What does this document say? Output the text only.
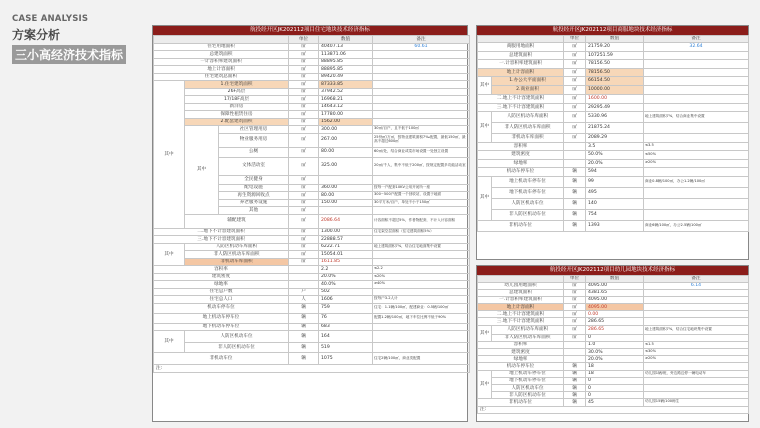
CASE ANALYSIS
方案分析
三小高经济技术指标
航投经开区JK202112项目住宅地块技术经济指标
			单位	数值	备注
住宅用地面积			㎡	40407.13	60.61
总建筑面积			㎡	113871.06	
一计容积率建筑面积			㎡	88895.85	
地上计容面积			㎡	88895.85	
住宅建筑总面积			㎡	89420.49	
其中	1.住宅建筑面积		㎡	87333.85	
	26F高层		㎡	37942.52	
	17/18F高层		㎡	16968.21	
	新洋房		㎡	14643.12	
	保障性租赁住房		㎡	17780.00	
	2.配套建筑面积		㎡	1562.00	
	其中	社区管理用房	㎡	300.00	30㎡/百户，且不低于100㎡
		物业服务用房	㎡	267.00	25份㎡/万㎡，按物业建筑面积7‰配置，最低150㎡，最高不超过600㎡
		公厕	㎡	80.00	60㎡/处，结合商业或菜市场设置一处独立设置
		文体活动室	㎡	325.00	20㎡/千人，集中不低于200㎡，按规定配置多功能活动室
		全民健身	㎡		
		配电设施	㎡	360.00	按每一户配套10KV公用开闭所一座
		再生资源回收点	㎡	80.00	300~500户配置一个回收站，设置于地面
		养老服务设施	㎡	150.00	30平方米/百户，单处不小于150㎡
		其他	㎡		
	辅配建筑		㎡	2086.64	计容面积不超过5%，作者物配套，不计入计容面积
二.地下不计容建筑面积			㎡	1300.00	住宅架空层面积（住宅建筑面积5%）
三.地下不计容建筑面积			㎡	22888.57	
其中	人防区机动车库面积		㎡	6222.71	地上建筑面积7%，结合住宅地面集中设置
	非人防区机动车库面积		㎡	15054.01	
	非机动车库面积		㎡	1611.85	
容积率				2.2	≤2.2
建筑密度				20.0%	≤20%
绿地率				40.0%	≥40%
住宅总户数			户	502	
住宅总人口			人	1606	按每户3.2人计
机动车停车位			辆	759	住宅：1.1辆/100㎡，配建商业：0.5辆/100㎡
地上机动车停车位			辆	76	配置1.2辆/100㎡，地下车位比例不低于90%
地下机动车停车位			辆	683	
其中	人防区机动车位		辆	164	
	非人防区机动车位		辆	519	
非机动车位			辆	1075	住宅2辆/100㎡，商业类配置
注:					
航投经开区JK202112项目商服地块技术经济指标
		单位	数值	备注
商服用地面积		㎡	21759.20	32.64
总建筑面积		㎡	107251.59	
一.计容积率建筑面积		㎡	78156.50	
地上计容面积		㎡	78156.50	
其中	1.办公大平面面积	㎡	66154.50	
	2.商业面积	㎡	10000.00	
二.地上不计容建筑面积		㎡	1600.00	
三.地下不计容建筑面积		㎡	29295.49	
其中	人防区机动车库面积	㎡	5330.96	地上建筑面积7%，结合商业集中设置
	非人防区机动车库面积	㎡	21875.24	
	非机动车库面积	㎡	2089.29	
容积率			3.5	≤3.5
建筑密度			50.0%	≤50%
绿地率			20.0%	≥20%
机动车停车位		辆	594	
其中	地上机动车停车位	辆	99	商业0.8辆/100㎡，办公1.2辆/100㎡
	地下机动车停车位	辆	495	
	人防区机动车位	辆	140	
	非人防区机动车位	辆	754	
非机动车位		辆	1393	商业6辆/100㎡，办公2.5辆/100㎡
航投经开区JK202112项目幼儿园地块技术经济指标
		单位	数值	备注
幼儿园用地面积		㎡	4095.00	6.14
总建筑面积		㎡	4381.65	
一.计容积率建筑面积		㎡	4095.00	
地上计容面积		㎡	4095.00	
二.地上不计容建筑面积		㎡	0.00	
三.地下不计容建筑面积		㎡	286.65	
其中	人防区机动车库面积	㎡	286.65	地上建筑面积7%，结合住宅地块集中设置
	非人防区机动车库面积	㎡	0	
容积率			1.0	≤1.5
建筑密度			30.0%	≤30%
绿地率			20.0%	≥20%
机动车停车位		辆	18	
其中	地上机动车停车位	辆	18	幼儿园1辆/班，旁边路边停一辆电动车
	地下机动车停车位	辆	0	
	人防区机动车位	辆	0	
	非人防区机动车位	辆	0	
非机动车位		辆	45	幼儿园15辆/100师生
注:				
